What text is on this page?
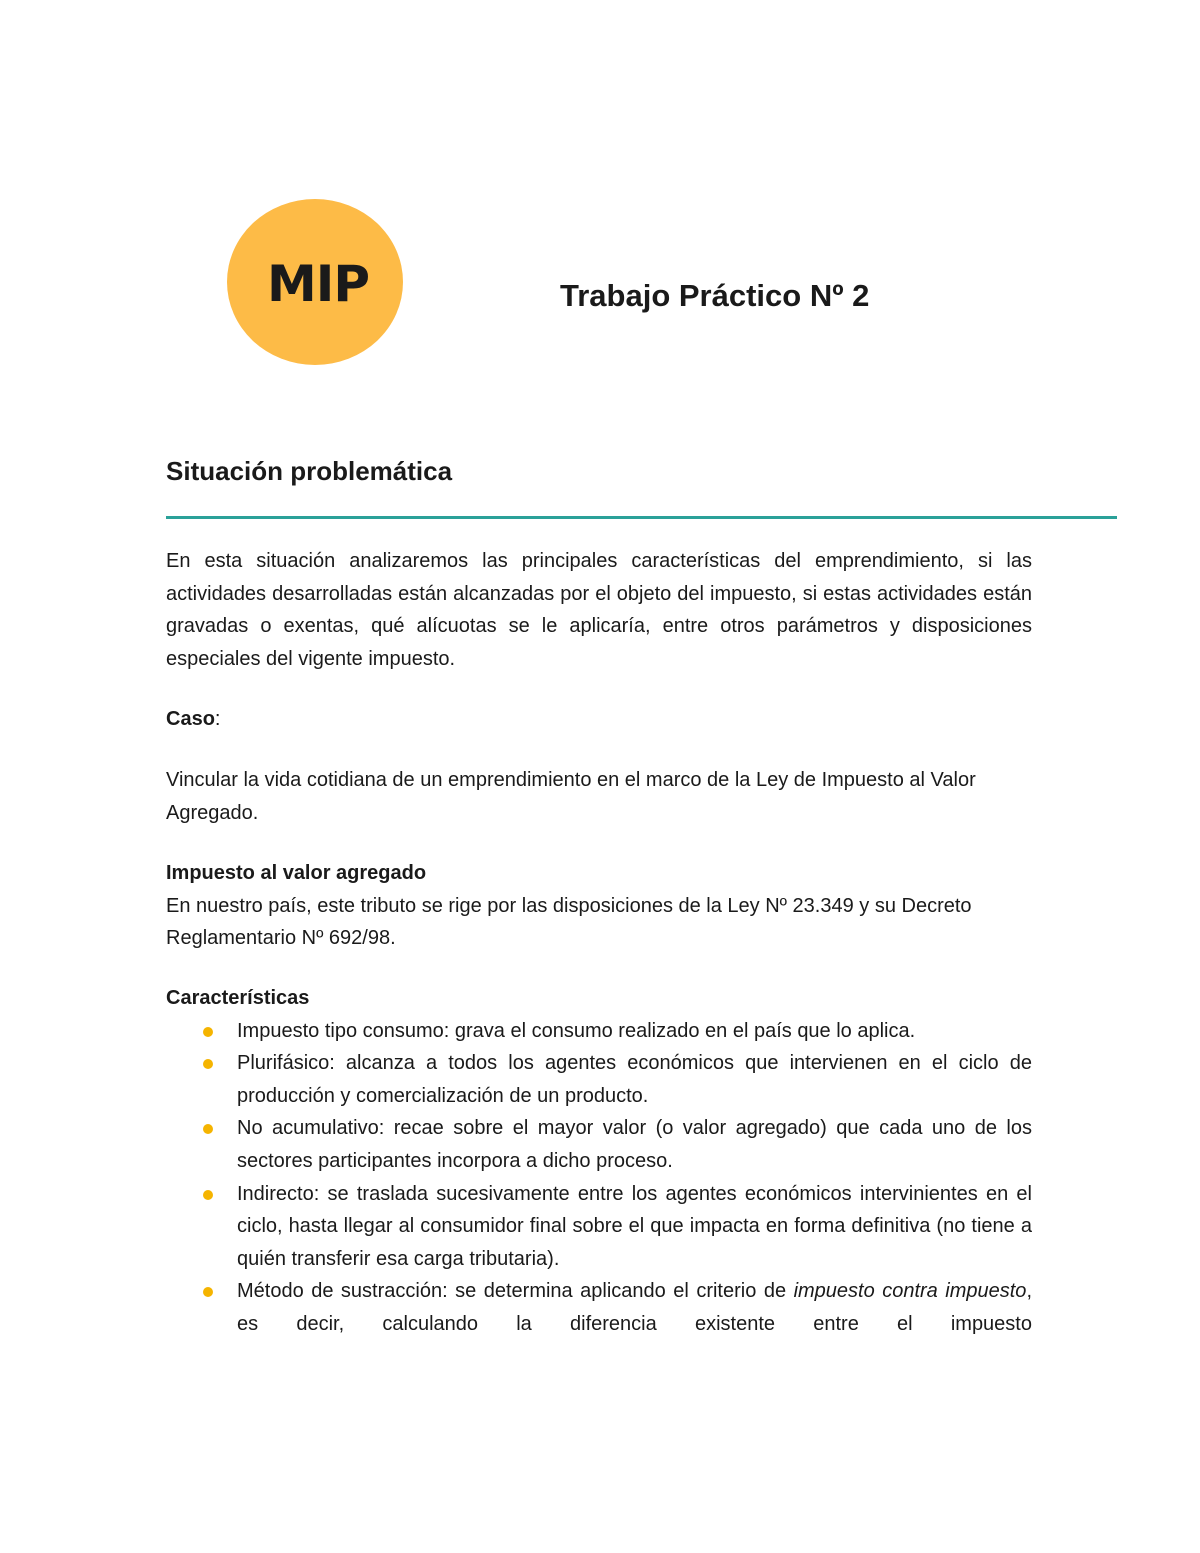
MIP	Trabajo Práctico Nº 2
Situación problemática

En esta situación analizaremos las principales características del emprendimiento, si las actividades desarrolladas están alcanzadas por el objeto del impuesto, si estas actividades están gravadas o exentas, qué alícuotas se le aplicaría, entre otros parámetros y disposiciones especiales del vigente impuesto.

Caso:

Vincular la vida cotidiana de un emprendimiento en el marco de la Ley de Impuesto al Valor Agregado.

Impuesto al valor agregado

En nuestro país, este tributo se rige por las disposiciones de la Ley Nº 23.349 y su Decreto Reglamentario Nº 692/98.

Características

Impuesto tipo consumo: grava el consumo realizado en el país que lo aplica.
Plurifásico: alcanza a todos los agentes económicos que intervienen en el ciclo de producción y comercialización de un producto.
No acumulativo: recae sobre el mayor valor (o valor agregado) que cada uno de los sectores participantes incorpora a dicho proceso.
Indirecto: se traslada sucesivamente entre los agentes económicos intervinientes en el ciclo, hasta llegar al consumidor final sobre el que impacta en forma definitiva (no tiene a quién transferir esa carga tributaria).
Método de sustracción: se determina aplicando el criterio de impuesto contra impuesto, es decir, calculando la diferencia existente entre el impuesto
